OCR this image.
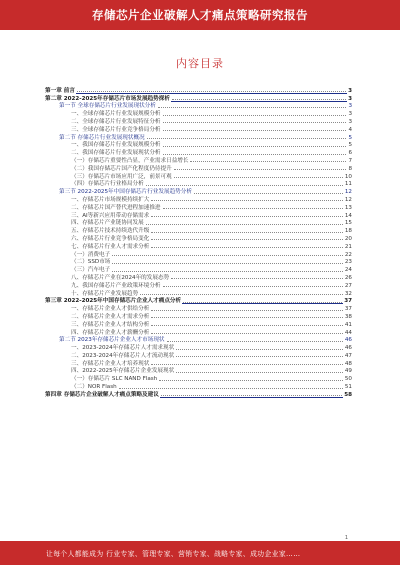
存储芯片企业破解人才痛点策略研究报告
内容目录
第一章 前言	3
第二章 2022-2025年存储芯片市场发展趋势探析	3
第一节 全球存储芯片行业发展现状分析	3
一、全球存储芯片行业发展规模分析	3
二、全球存储芯片行业发展特征分析	3
三、全球存储芯片行业竞争格局分析	4
第二节 存储芯片行业发展现状概况	5
一、我国存储芯片行业发展规模分析	5
二、我国存储芯片行业发展现状分析	6
（一）存储芯片重要性凸显，产业需求日益增长	7
（二）我国存储芯片国产化程度仍待提升	8
（三）存储芯片市场应用广泛，前景可观	10
（四）存储芯片行业格局分析	11
第三节 2022-2025年中国存储芯片行业发展趋势分析	12
一、存储芯片市场规模持续扩大	12
二、存储芯片国产替代进程加速推进	13
三、AI等新兴应用带动存储需求	14
四、存储芯片产业链协同发展	15
五、存储芯片技术持续迭代升级	18
六、存储芯片行业竞争格局变化	20
七、存储芯片行业人才需求分析	21
（一）消费电子	22
（二）SSD市场	23
（三）汽车电子	24
八、存储芯片产业在2024年的发展态势	26
九、我国存储芯片产业政策环境分析	27
十、存储芯片产业发展趋势	32
第三章 2022-2025年中国存储芯片企业人才痛点分析	37
一、存储芯片企业人才供给分析	37
二、存储芯片企业人才需求分析	38
三、存储芯片企业人才结构分析	41
四、存储芯片企业人才薪酬分析	44
第二节 2023年存储芯片企业人才市场现状	46
一、2023-2024年存储芯片人才需求现状	46
二、2023-2024年存储芯片人才流动现状	47
三、存储芯片企业人才培养现状	48
四、2022-2025年存储芯片企业发展现状	49
（一）存储芯片 SLC NAND Flash	50
（二）NOR Flash	51
第四章 存储芯片企业破解人才痛点策略及建议	58
1
让每个人都能成为 行业专家、管理专家、营销专家、战略专家、成功企业家……
